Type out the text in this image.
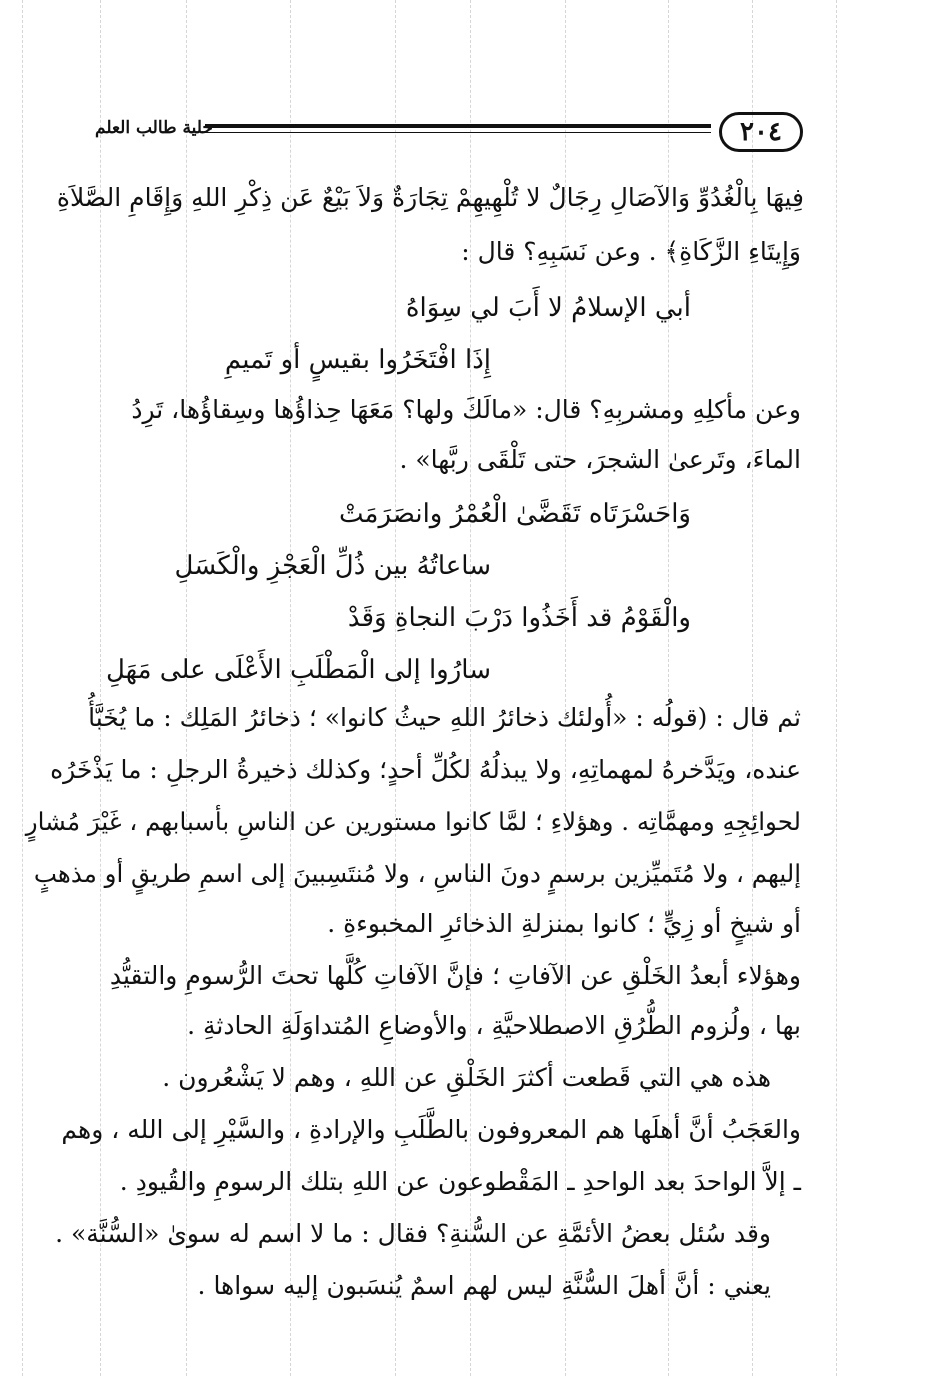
٢٠٤
حلية طالب العلم
فِيهَا بِالْغُدُوِّ وَالآصَالِ رِجَالٌ لا تُلْهِيهِمْ تِجَارَةٌ وَلاَ بَيْعٌ عَن ذِكْرِ اللهِ وَإِقَامِ الصَّلاَةِ
وَإِيتَاءِ الزَّكَاةِ﴾ . وعن نَسَبِهِ؟ قال :
أبي الإسلامُ لا أَبَ لي سِوَاهُ
إِذَا افْتَخَرُوا بقيسٍ أو تَميمِ
وعن مأكلِهِ ومشربِهِ؟ قال: «مالَكَ ولها؟ مَعَهَا حِذاؤُها وسِقاؤُها، تَرِدُ
الماءَ، وتَرعىٰ الشجرَ، حتى تَلْقَى ربَّها» .
وَاحَسْرَتَاه تَقَضَّىٰ الْعُمْرُ وانصَرَمَتْ
ساعاتُهُ بين ذُلِّ الْعَجْزِ والْكَسَلِ
والْقَوْمُ قد أَخَذُوا دَرْبَ النجاةِ وَقَدْ
سارُوا إلى الْمَطْلَبِ الأَعْلَى على مَهَلِ
ثم قال : (قولُه : «أُولئك ذخائرُ اللهِ حيثُ كانوا» ؛ ذخائرُ المَلِك : ما يُخَبَّأُ
عنده، ويَدَّخرهُ لمهماتِهِ، ولا يبذلُهُ لكُلِّ أحدٍ؛ وكذلك ذخيرةُ الرجلِ : ما يَذْخَرُه
لحوائِجِهِ ومهمَّاتِه . وهؤلاءِ ؛ لمَّا كانوا مستورين عن الناسِ بأسبابهم ، غَيْرَ مُشارٍ
إليهم ، ولا مُتَميِّزين برسمٍ دونَ الناسِ ، ولا مُنتَسِبينَ إلى اسمِ طريقٍ أو مذهبٍ
أو شيخٍ أو زِيٍّ ؛ كانوا بمنزلةِ الذخائرِ المخبوءةِ .
وهؤلاء أبعدُ الخَلْقِ عن الآفاتِ ؛ فإنَّ الآفاتِ كُلَّها تحتَ الرُّسومِ والتقيُّدِ
بها ، ولُزوم الطُّرُقِ الاصطلاحيَّةِ ، والأوضاعِ المُتداوَلَةِ الحادثةِ .
هذه هي التي قَطعت أكثرَ الخَلْقِ عن اللهِ ، وهم لا يَشْعُرون .
والعَجَبُ أنَّ أهلَها هم المعروفون بالطَّلَبِ والإرادةِ ، والسَّيْرِ إلى الله ، وهم
ـ إلاَّ الواحدَ بعد الواحدِ ـ المَقْطوعون عن اللهِ بتلك الرسومِ والقُيودِ .
وقد سُئل بعضُ الأئمَّةِ عن السُّنةِ؟ فقال : ما لا اسم له سوىٰ «السُّنَّة» .
يعني : أنَّ أهلَ السُّنَّةِ ليس لهم اسمٌ يُنسَبون إليه سواها .
